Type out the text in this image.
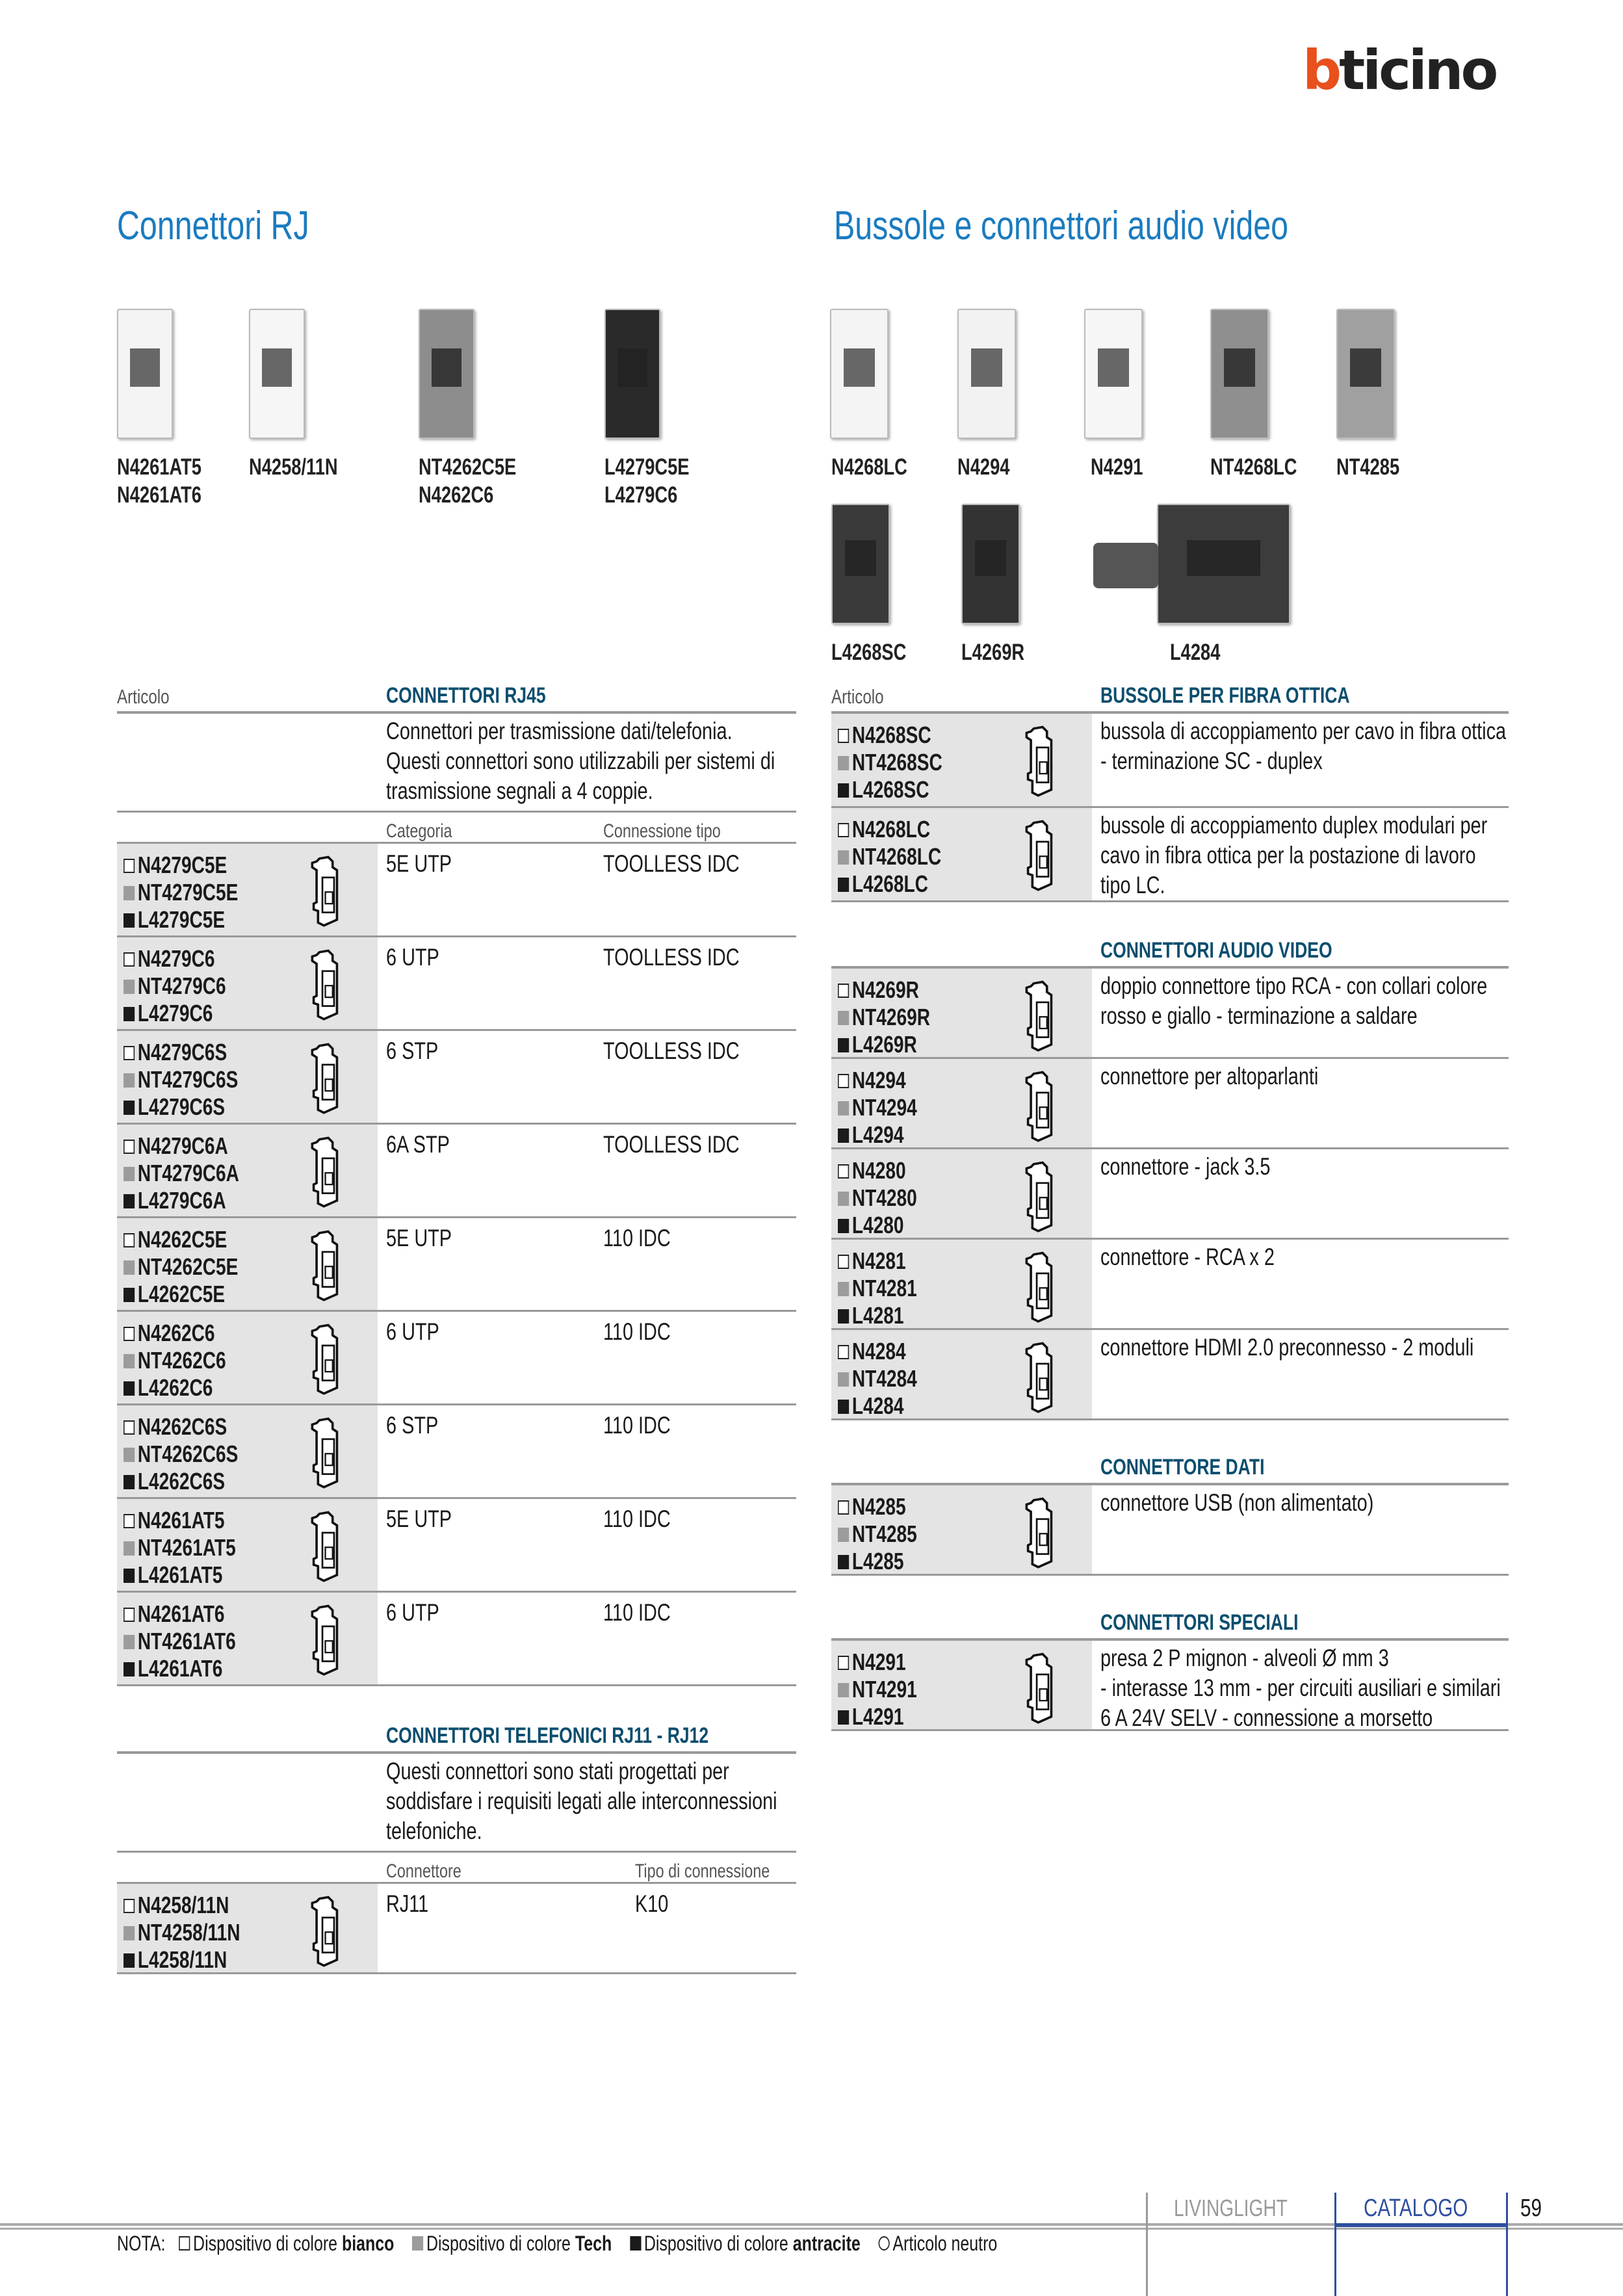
bticino
Connettori RJ	Bussole e connettori audio video
N4261AT5
N4261AT6
N4258/11N	NT4262C5E
N4262C6
L4279C5E
L4279C6
N4268LC N4294	N4291	NT4268LC NT4285
L4268SC L4269R	L4284
Articolo	CONNETTORI RJ45
Connettori per trasmissione dati/telefonia.
Questi connettori sono utilizzabili per sistemi di
trasmissione segnali a 4 coppie.
Categoria	Connessione tipo
N4279C5E
NT4279C5E
L4279C5E
5E UTP	TOOLLESS IDC
N4279C6
NT4279C6
L4279C6
6 UTP	TOOLLESS IDC
N4279C6S
NT4279C6S
L4279C6S
6 STP	TOOLLESS IDC
N4279C6A
NT4279C6A
L4279C6A
6A STP	TOOLLESS IDC
N4262C5E
NT4262C5E
L4262C5E
5E UTP	110 IDC
N4262C6
NT4262C6
L4262C6
6 UTP	110 IDC
N4262C6S
NT4262C6S
L4262C6S
6 STP	110 IDC
N4261AT5
NT4261AT5
L4261AT5
5E UTP	110 IDC
N4261AT6
NT4261AT6
L4261AT6
6 UTP	110 IDC
CONNETTORI TELEFONICI RJ11 - RJ12
Questi connettori sono stati progettati per
soddisfare i requisiti legati alle interconnessioni
telefoniche.
Connettore	Tipo di connessione
N4258/11N
NT4258/11N
L4258/11N
RJ11	K10
Articolo	BUSSOLE PER FIBRA OTTICA
N4268SC
NT4268SC
L4268SC
bussola di accoppiamento per cavo in fibra ottica
- terminazione SC - duplex
N4268LC
NT4268LC
L4268LC
bussole di accoppiamento duplex modulari per
cavo in fibra ottica per la postazione di lavoro
tipo LC.
CONNETTORI AUDIO VIDEO
N4269R
NT4269R
L4269R
doppio connettore tipo RCA - con collari colore
rosso e giallo - terminazione a saldare
N4294
NT4294
L4294
connettore per altoparlanti
N4280
NT4280
L4280
connettore - jack 3.5
N4281
NT4281
L4281
connettore - RCA x 2
N4284
NT4284
L4284
connettore HDMI 2.0 preconnesso - 2 moduli
CONNETTORE DATI
N4285
NT4285
L4285
connettore USB (non alimentato)
CONNETTORI SPECIALI
N4291
NT4291
L4291
presa 2 P mignon - alveoli Ø mm 3
- interasse 13 mm - per circuiti ausiliari e similari
6 A 24V SELV - connessione a morsetto
LIVINGLIGHT	CATALOGO	59
NOTA: Dispositivo di colore bianco Dispositivo di colore Tech Dispositivo di colore antracite Articolo neutro
